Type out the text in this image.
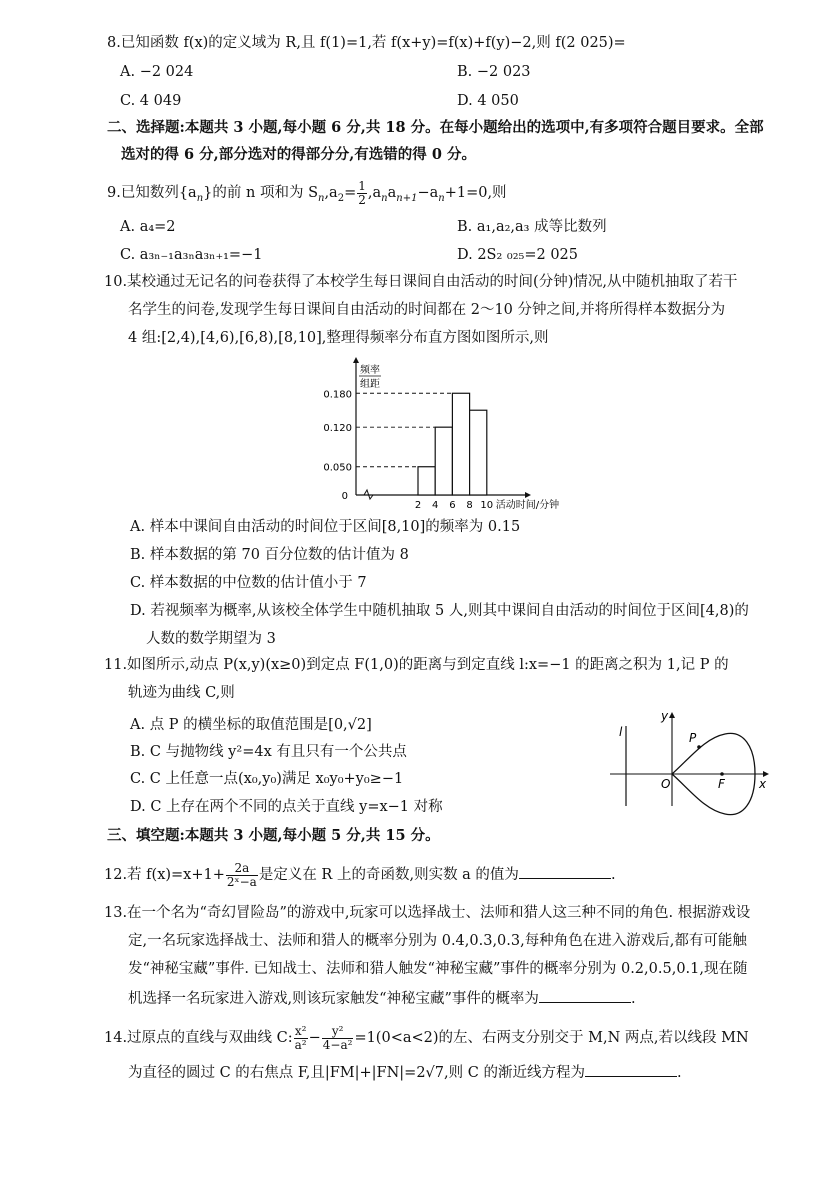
8.已知函数 f(x)的定义域为 R,且 f(1)=1,若 f(x+y)=f(x)+f(y)−2,则 f(2 025)=
A. −2 024	B. −2 023
C. 4 049	D. 4 050
二、选择题:本题共 3 小题,每小题 6 分,共 18 分。在每小题给出的选项中,有多项符合题目要求。全部
选对的得 6 分,部分选对的得部分分,有选错的得 0 分。
9.已知数列$\{a_n\}$的前 n 项和为 $S_n,a_2= \frac{1}{2} ,a_na_{n+1}-a_n+1=0$,则
A. a₄=2	B. a₁,a₂,a₃ 成等比数列
C. a₃ₙ₋₁a₃ₙa₃ₙ₊₁=−1	D. 2S₂ ₀₂₅=2 025
10.某校通过无记名的问卷获得了本校学生每日课间自由活动的时间(分钟)情况,从中随机抽取了若干
名学生的问卷,发现学生每日课间自由活动的时间都在 2～10 分钟之间,并将所得样本数据分为
4 组:[2,4),[4,6),[6,8),[8,10],整理得频率分布直方图如图所示,则
频率
组距
0.180
0.120
0.050
2 4 6 8 10
0
活动时间/分钟
A. 样本中课间自由活动的时间位于区间[8,10]的频率为 0.15
B. 样本数据的第 70 百分位数的估计值为 8
C. 样本数据的中位数的估计值小于 7
D. 若视频率为概率,从该校全体学生中随机抽取 5 人,则其中课间自由活动的时间位于区间[4,8)的
人数的数学期望为 3
11.如图所示,动点 P(x,y)(x≥0)到定点 F(1,0)的距离与到定直线 l:x=−1 的距离之积为 1,记 P 的
轨迹为曲线 C,则
A. 点 P 的横坐标的取值范围是[0,√2]
B. C 与抛物线 y²=4x 有且只有一个公共点
C. C 上任意一点(x₀,y₀)满足 x₀y₀+y₀≥−1
D. C 上存在两个不同的点关于直线 y=x−1 对称
l
y
P
O	F	x
三、填空题:本题共 3 小题,每小题 5 分,共 15 分。
12.若 $f(x)=x+1+ \frac{2a}{\text{2ˣ−a}}$ 是定义在 R 上的奇函数,则实数 a 的值为	.
13.在一个名为“奇幻冒险岛”的游戏中,玩家可以选择战士、法师和猎人这三种不同的角色. 根据游戏设
定,一名玩家选择战士、法师和猎人的概率分别为 0.4,0.3,0.3,每种角色在进入游戏后,都有可能触
发“神秘宝藏”事件. 已知战士、法师和猎人触发“神秘宝藏”事件的概率分别为 0.2,0.5,0.1,现在随
机选择一名玩家进入游戏,则该玩家触发“神秘宝藏”事件的概率为	.
14.过原点的直线与双曲线 C: $\frac{\text{x²}}{\text{a²}} - \frac{\text{y²}}{\text{4−a²}} =1(0<a<2)$的左、右两支分别交于 M,N 两点,若以线段 MN
为直径的圆过 C 的右焦点 F,且|FM|+|FN|=2√7,则 C 的渐近线方程为	.
